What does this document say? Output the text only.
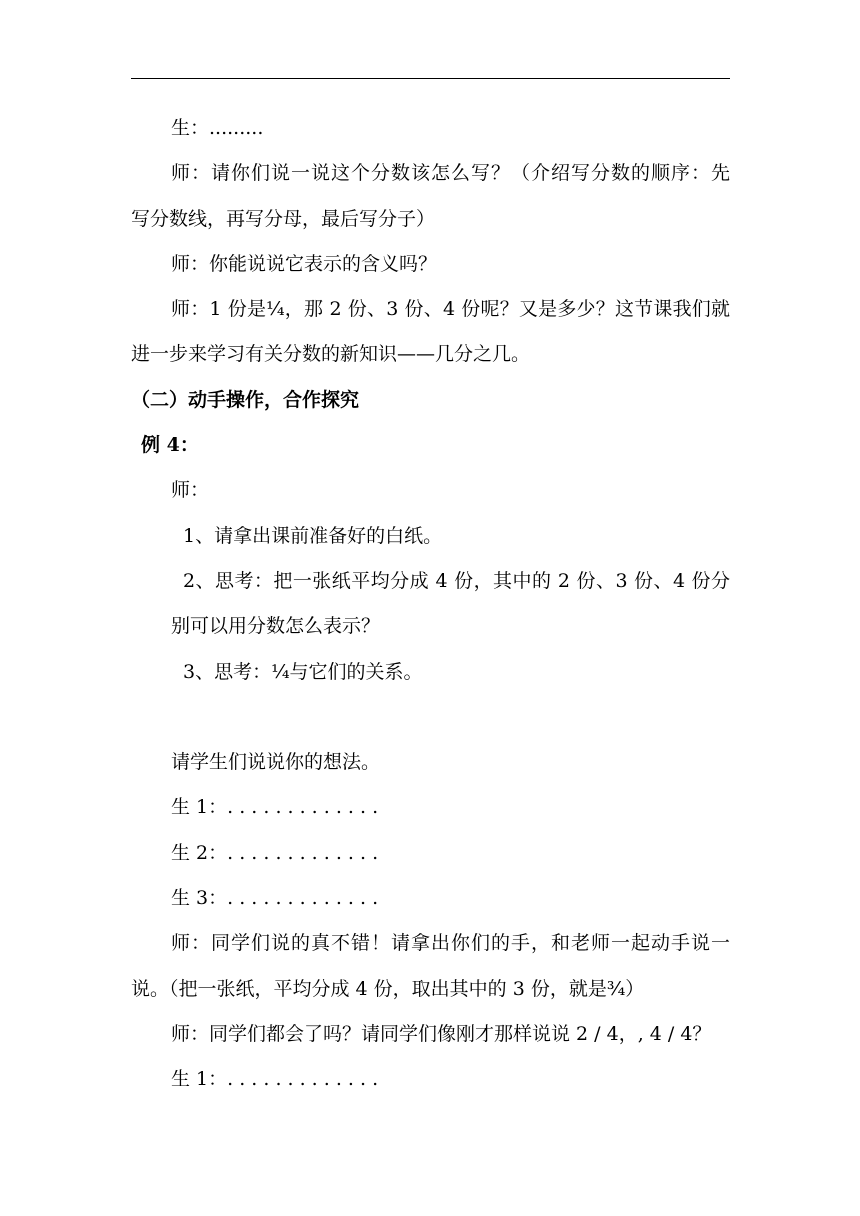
生：.........

师：请你们说一说这个分数该怎么写？（介绍写分数的顺序：先

写分数线，再写分母，最后写分子）

师：你能说说它表示的含义吗？

师：1 份是¼，那 2 份、3 份、4 份呢？又是多少？这节课我们就

进一步来学习有关分数的新知识——几分之几。

（二）动手操作，合作探究

例 4：

师：

1、请拿出课前准备好的白纸。

2、思考：把一张纸平均分成 4 份，其中的 2 份、3 份、4 份分

别可以用分数怎么表示？

3、思考：¼与它们的关系。

请学生们说说你的想法。

生 1：. . . . . . . . . . . . .

生 2：. . . . . . . . . . . . .

生 3：. . . . . . . . . . . . .

师：同学们说的真不错！请拿出你们的手，和老师一起动手说一

说。（把一张纸，平均分成 4 份，取出其中的 3 份，就是¾）

师：同学们都会了吗？请同学们像刚才那样说说 2 / 4，, 4 / 4？

生 1：. . . . . . . . . . . . .
